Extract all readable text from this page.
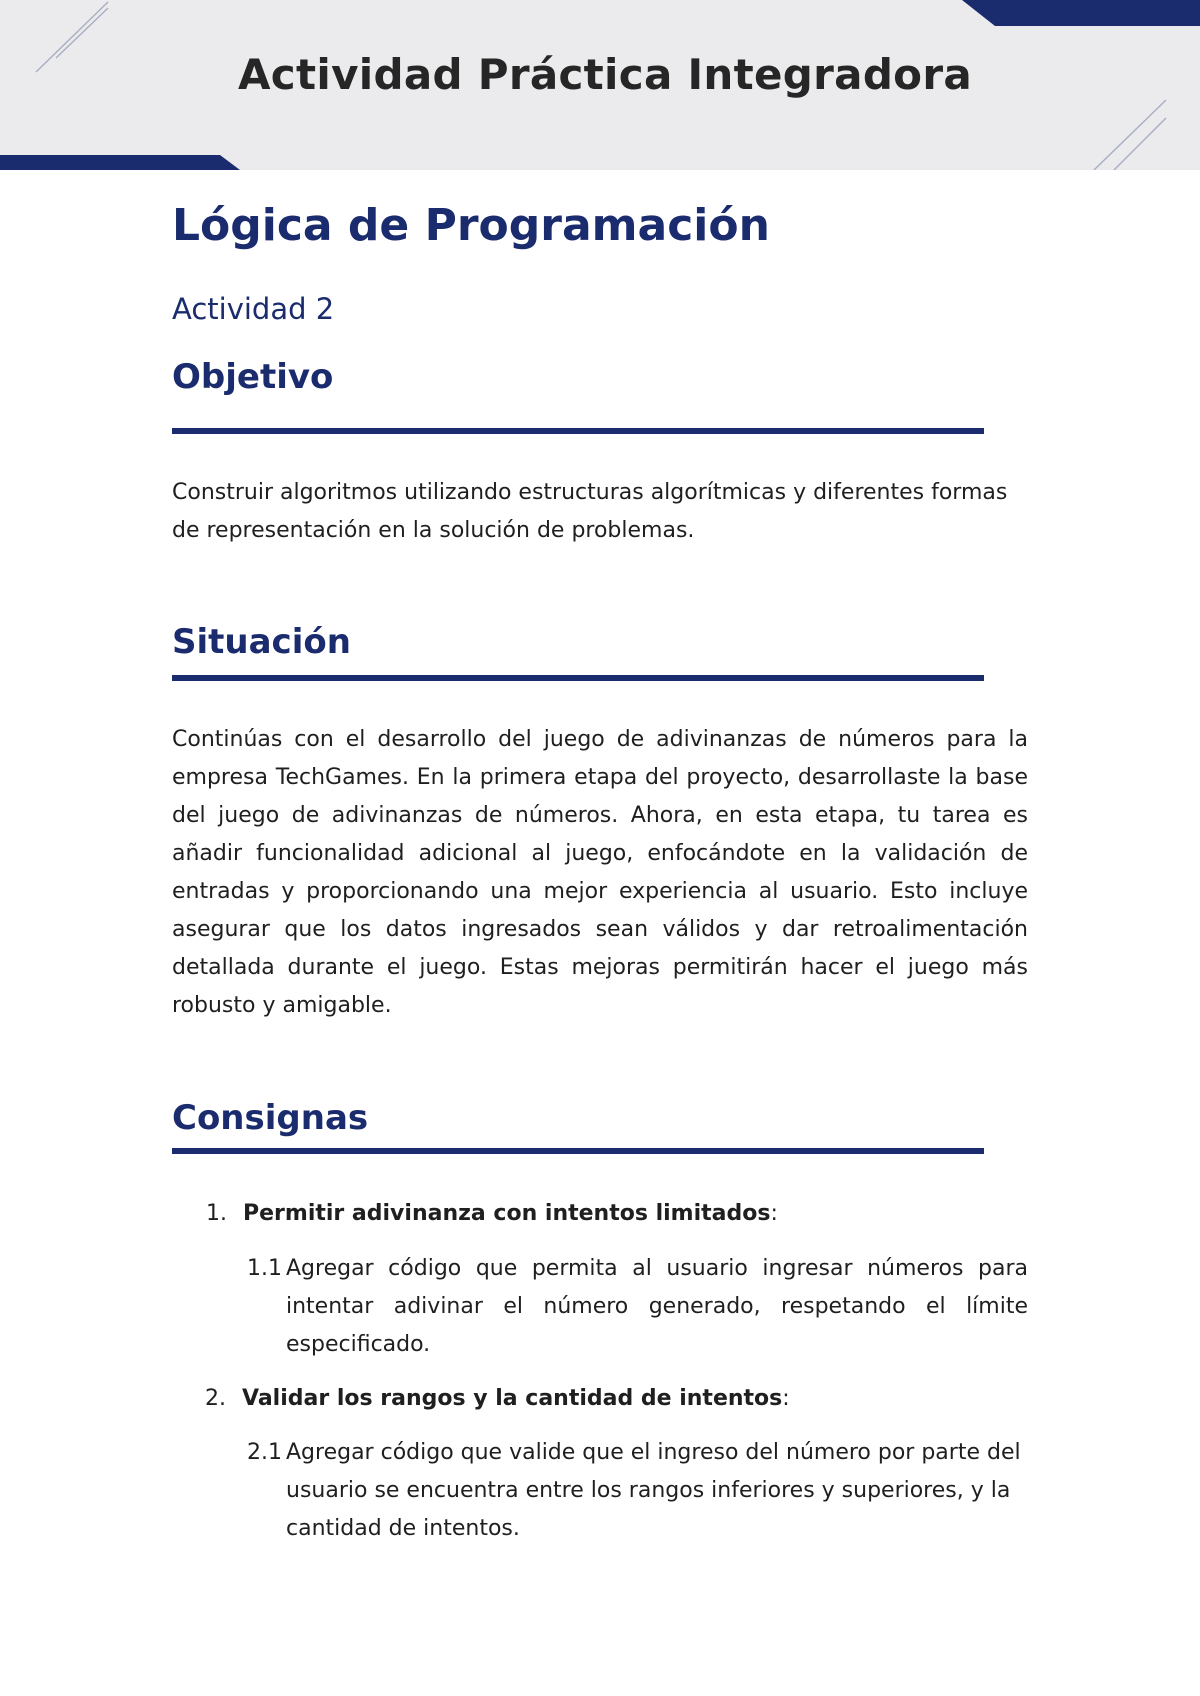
Actividad Práctica Integradora
Lógica de Programación
Actividad 2
Objetivo

Construir algoritmos utilizando estructuras algorítmicas y diferentes formas de representación en la solución de problemas.

Situación

Continúas con el desarrollo del juego de adivinanzas de números para la empresa TechGames. En la primera etapa del proyecto, desarrollaste la base del juego de adivinanzas de números. Ahora, en esta etapa, tu tarea es añadir funcionalidad adicional al juego, enfocándote en la validación de entradas y proporcionando una mejor experiencia al usuario. Esto incluye asegurar que los datos ingresados sean válidos y dar retroalimentación detallada durante el juego. Estas mejoras permitirán hacer el juego más robusto y amigable.

Consignas

1. Permitir adivinanza con intentos limitados:

1.1 Agregar código que permita al usuario ingresar números para intentar adivinar el número generado, respetando el límite especificado.

2. Validar los rangos y la cantidad de intentos:

2.1 Agregar código que valide que el ingreso del número por parte del usuario se encuentra entre los rangos inferiores y superiores, y la cantidad de intentos.
